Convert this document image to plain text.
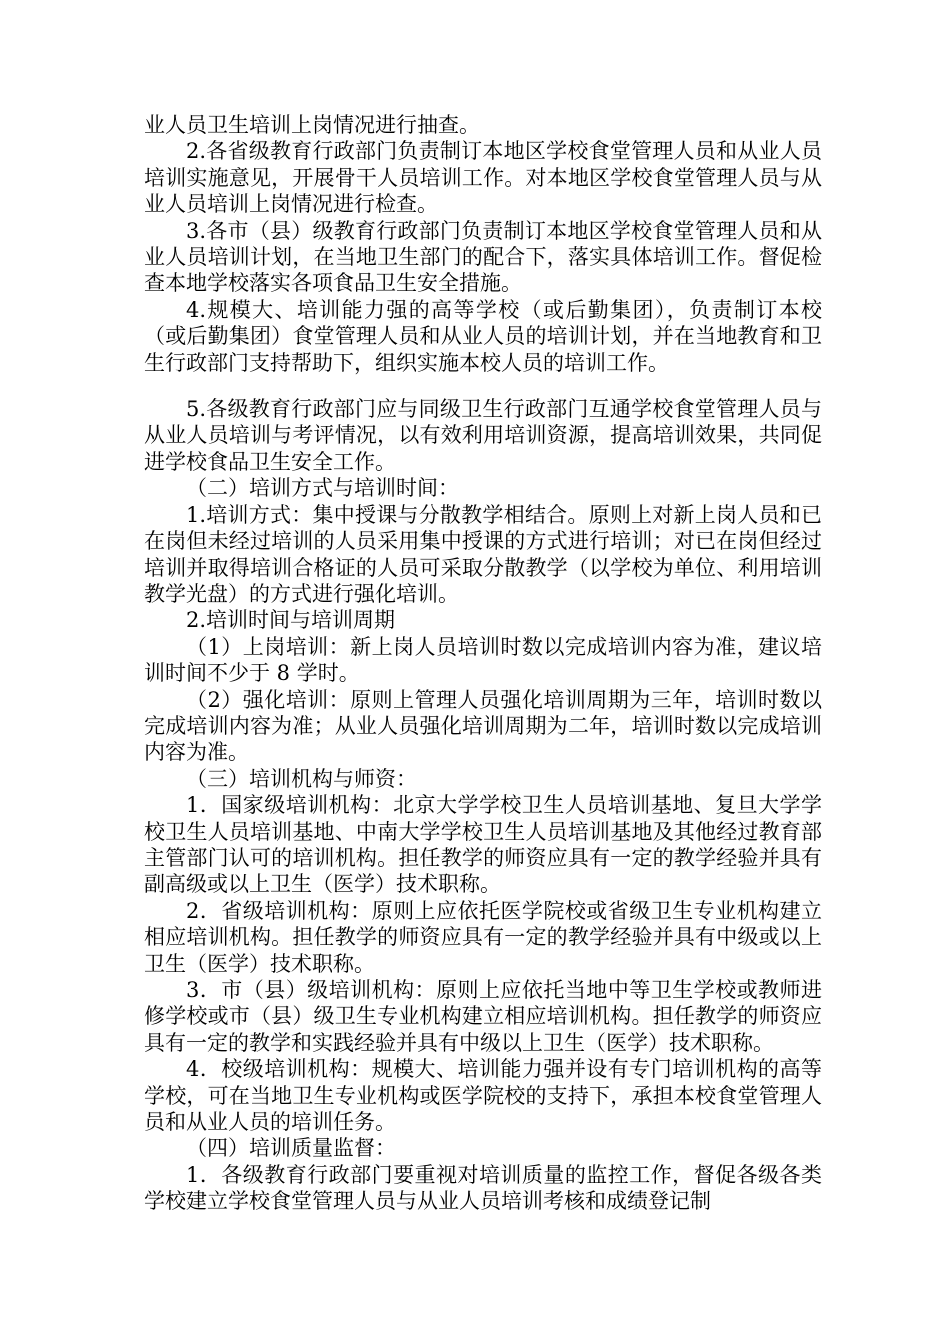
业人员卫生培训上岗情况进行抽查。

2.各省级教育行政部门负责制订本地区学校食堂管理人员和从业人员培训实施意见，开展骨干人员培训工作。对本地区学校食堂管理人员与从业人员培训上岗情况进行检查。

3.各市（县）级教育行政部门负责制订本地区学校食堂管理人员和从业人员培训计划，在当地卫生部门的配合下，落实具体培训工作。督促检查本地学校落实各项食品卫生安全措施。

4.规模大、培训能力强的高等学校（或后勤集团），负责制订本校（或后勤集团）食堂管理人员和从业人员的培训计划，并在当地教育和卫生行政部门支持帮助下，组织实施本校人员的培训工作。

5.各级教育行政部门应与同级卫生行政部门互通学校食堂管理人员与从业人员培训与考评情况，以有效利用培训资源，提高培训效果，共同促进学校食品卫生安全工作。

（二）培训方式与培训时间：

1.培训方式：集中授课与分散教学相结合。原则上对新上岗人员和已在岗但未经过培训的人员采用集中授课的方式进行培训；对已在岗但经过培训并取得培训合格证的人员可采取分散教学（以学校为单位、利用培训教学光盘）的方式进行强化培训。

2.培训时间与培训周期

（1）上岗培训：新上岗人员培训时数以完成培训内容为准，建议培训时间不少于 8 学时。

（2）强化培训：原则上管理人员强化培训周期为三年，培训时数以完成培训内容为准；从业人员强化培训周期为二年，培训时数以完成培训内容为准。

（三）培训机构与师资：

1．国家级培训机构：北京大学学校卫生人员培训基地、复旦大学学校卫生人员培训基地、中南大学学校卫生人员培训基地及其他经过教育部主管部门认可的培训机构。担任教学的师资应具有一定的教学经验并具有副高级或以上卫生（医学）技术职称。

2．省级培训机构：原则上应依托医学院校或省级卫生专业机构建立相应培训机构。担任教学的师资应具有一定的教学经验并具有中级或以上卫生（医学）技术职称。

3．市（县）级培训机构：原则上应依托当地中等卫生学校或教师进修学校或市（县）级卫生专业机构建立相应培训机构。担任教学的师资应具有一定的教学和实践经验并具有中级以上卫生（医学）技术职称。

4．校级培训机构：规模大、培训能力强并设有专门培训机构的高等学校，可在当地卫生专业机构或医学院校的支持下，承担本校食堂管理人员和从业人员的培训任务。

（四）培训质量监督：

1．各级教育行政部门要重视对培训质量的监控工作，督促各级各类学校建立学校食堂管理人员与从业人员培训考核和成绩登记制
